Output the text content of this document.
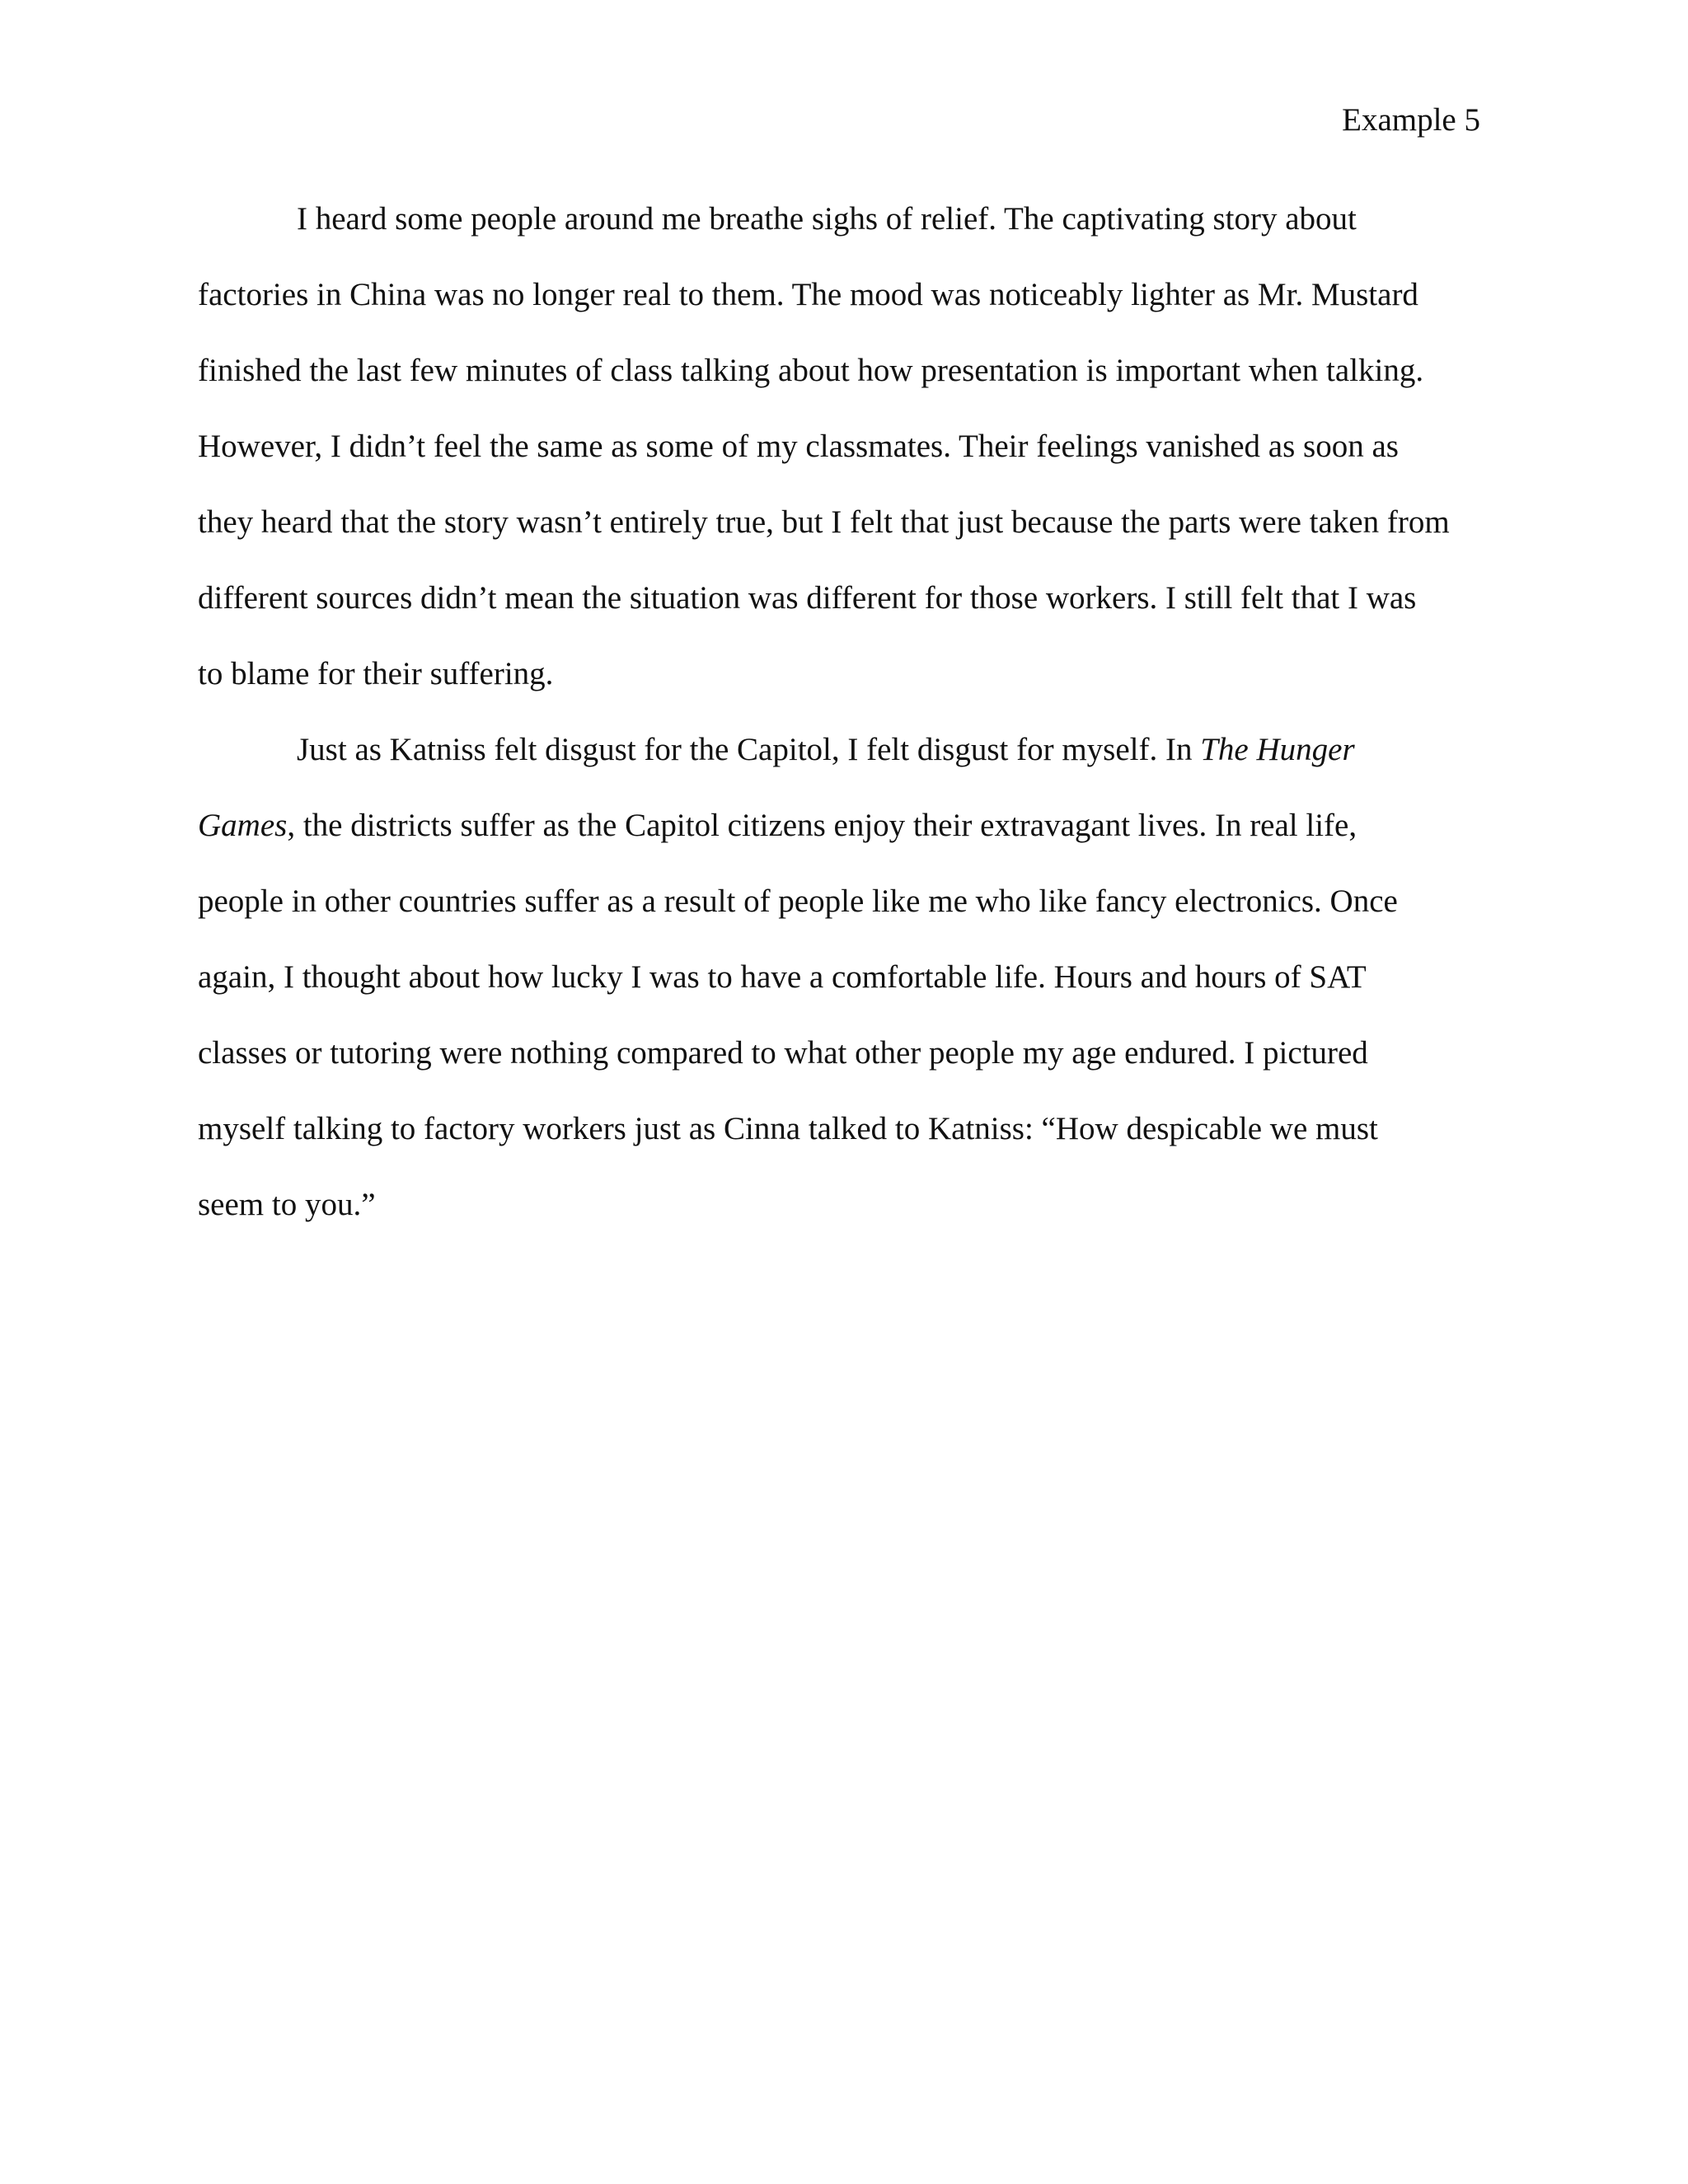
Example 5
I heard some people around me breathe sighs of relief. The captivating story about
factories in China was no longer real to them. The mood was noticeably lighter as Mr. Mustard
finished the last few minutes of class talking about how presentation is important when talking.
However, I didn’t feel the same as some of my classmates. Their feelings vanished as soon as
they heard that the story wasn’t entirely true, but I felt that just because the parts were taken from
different sources didn’t mean the situation was different for those workers. I still felt that I was
to blame for their suffering.
Just as Katniss felt disgust for the Capitol, I felt disgust for myself. In The Hunger
Games, the districts suffer as the Capitol citizens enjoy their extravagant lives. In real life,
people in other countries suffer as a result of people like me who like fancy electronics. Once
again, I thought about how lucky I was to have a comfortable life. Hours and hours of SAT
classes or tutoring were nothing compared to what other people my age endured. I pictured
myself talking to factory workers just as Cinna talked to Katniss: “How despicable we must
seem to you.”
